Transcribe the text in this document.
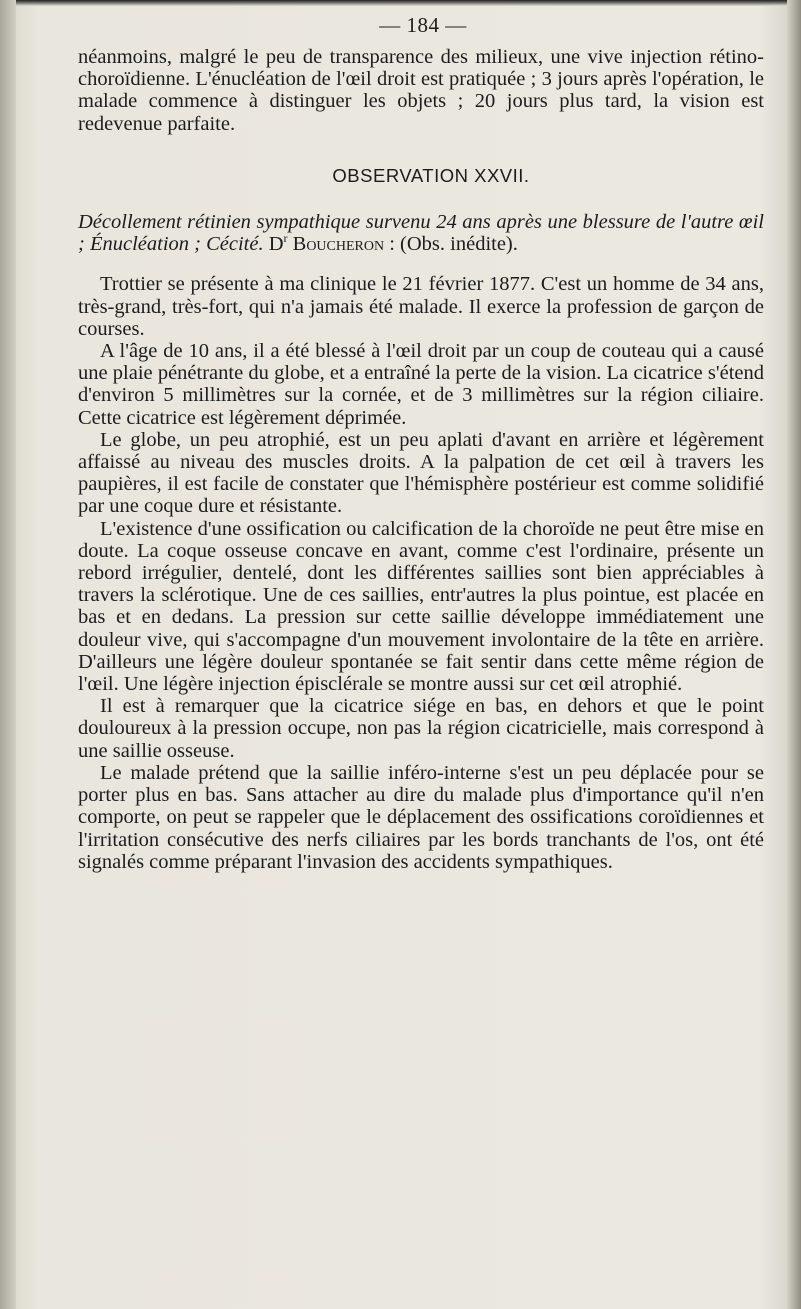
— 184 —

néanmoins, malgré le peu de transparence des milieux, une vive injection rétino-choroïdienne. L'énucléation de l'œil droit est pratiquée ; 3 jours après l'opération, le malade commence à distinguer les objets ; 20 jours plus tard, la vision est redevenue parfaite.

OBSERVATION XXVII.

Décollement rétinien sympathique survenu 24 ans après une blessure de l'autre œil ; Énucléation ; Cécité. $D^r$ Boucheron : (Obs. inédite).

Trottier se présente à ma clinique le 21 février 1877. C'est un homme de 34 ans, très-grand, très-fort, qui n'a jamais été malade. Il exerce la profession de garçon de courses.

A l'âge de 10 ans, il a été blessé à l'œil droit par un coup de couteau qui a causé une plaie pénétrante du globe, et a entraîné la perte de la vision. La cicatrice s'étend d'environ 5 millimètres sur la cornée, et de 3 millimètres sur la région ciliaire. Cette cicatrice est légèrement déprimée.

Le globe, un peu atrophié, est un peu aplati d'avant en arrière et légèrement affaissé au niveau des muscles droits. A la palpation de cet œil à travers les paupières, il est facile de constater que l'hémisphère postérieur est comme solidifié par une coque dure et résistante.

L'existence d'une ossification ou calcification de la choroïde ne peut être mise en doute. La coque osseuse concave en avant, comme c'est l'ordinaire, présente un rebord irrégulier, dentelé, dont les différentes saillies sont bien appréciables à travers la sclérotique. Une de ces saillies, entr'autres la plus pointue, est placée en bas et en dedans. La pression sur cette saillie développe immédiatement une douleur vive, qui s'accompagne d'un mouvement involontaire de la tête en arrière. D'ailleurs une légère douleur spontanée se fait sentir dans cette même région de l'œil. Une légère injection épisclérale se montre aussi sur cet œil atrophié.

Il est à remarquer que la cicatrice siége en bas, en dehors et que le point douloureux à la pression occupe, non pas la région cicatricielle, mais correspond à une saillie osseuse.

Le malade prétend que la saillie inféro-interne s'est un peu déplacée pour se porter plus en bas. Sans attacher au dire du malade plus d'importance qu'il n'en comporte, on peut se rappeler que le déplacement des ossifications coroïdiennes et l'irritation consécutive des nerfs ciliaires par les bords tranchants de l'os, ont été signalés comme préparant l'invasion des accidents sympathiques.
